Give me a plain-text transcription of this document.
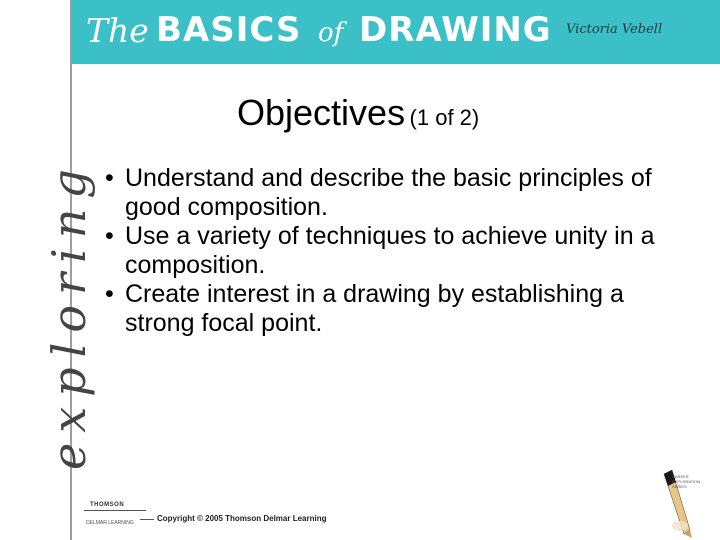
The BASICS of DRAWING Victoria Vebell
exploring
Objectives (1 of 2)
• Understand and describe the basic principles of good composition.
• Use a variety of techniques to achieve unity in a composition.
• Create interest in a drawing by establishing a strong focal point.
THOMSON
DELMAR LEARNING	Copyright © 2005 Thomson Delmar Learning
CAREER
EXPLORATION
SERIES
